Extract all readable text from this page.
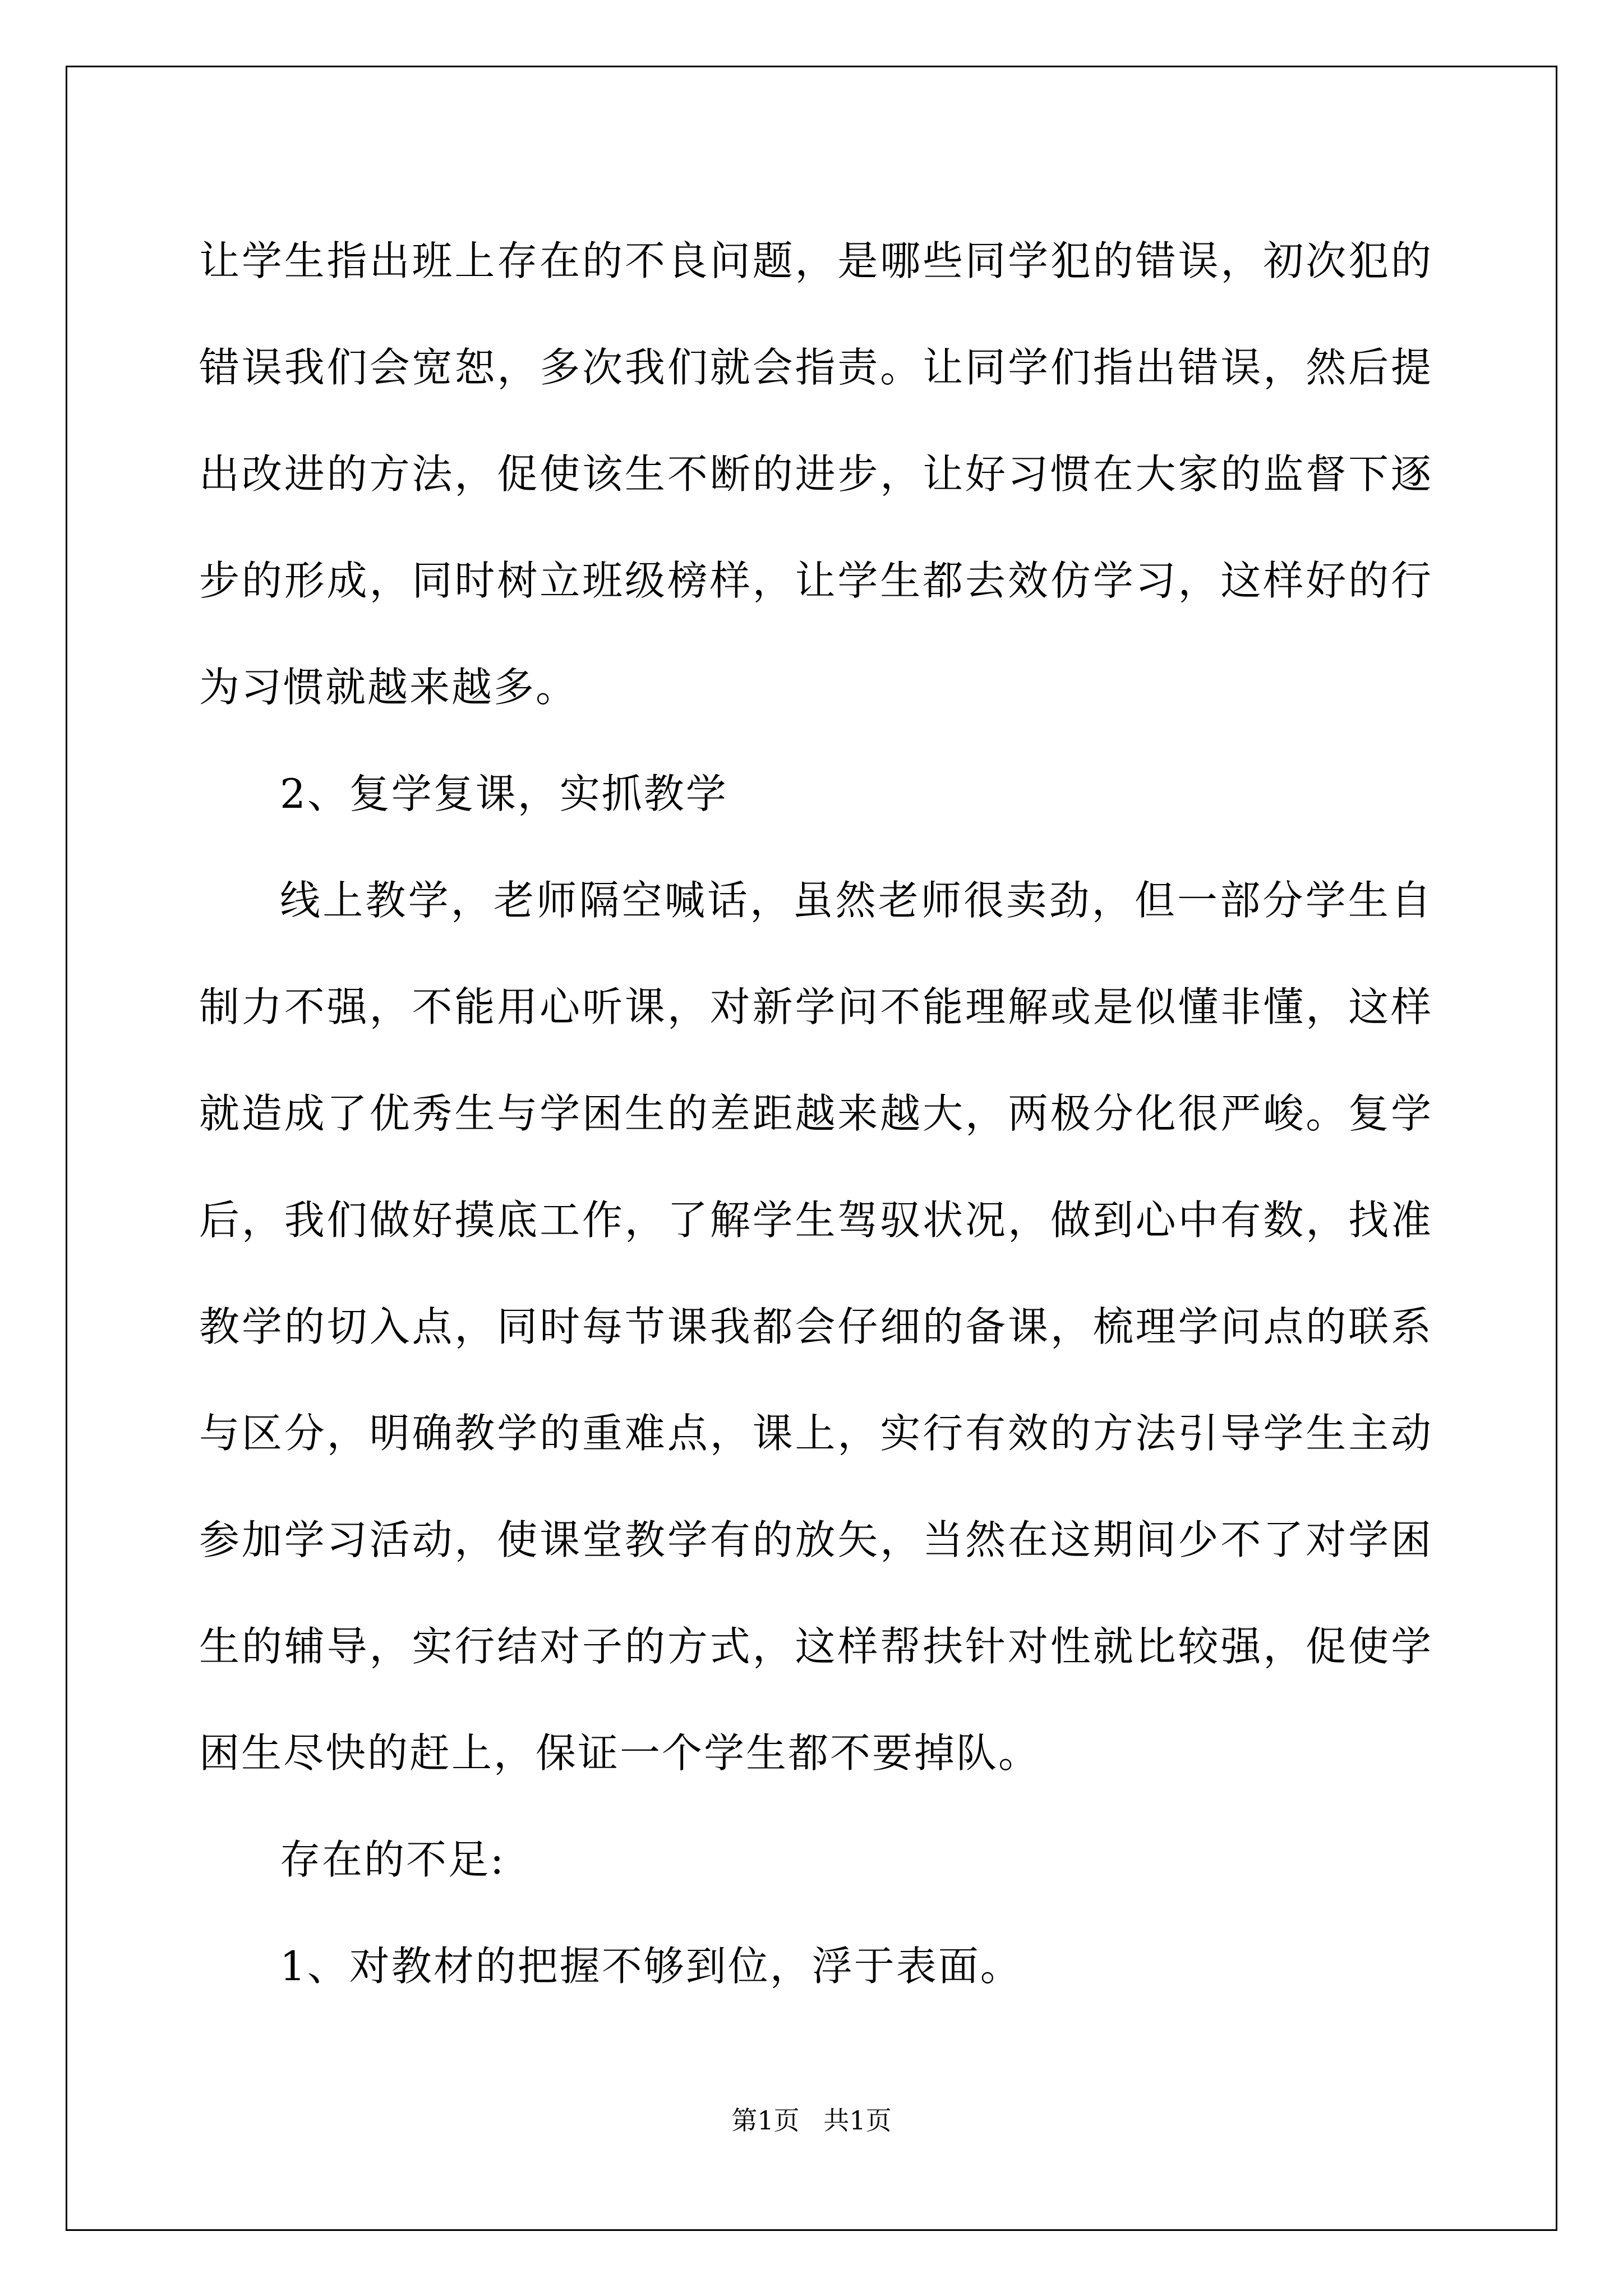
让学生指出班上存在的不良问题，是哪些同学犯的错误，初次犯的错误我们会宽恕，多次我们就会指责。让同学们指出错误，然后提出改进的方法，促使该生不断的进步，让好习惯在大家的监督下逐步的形成，同时树立班级榜样，让学生都去效仿学习，这样好的行为习惯就越来越多。

2、复学复课，实抓教学

线上教学，老师隔空喊话，虽然老师很卖劲，但一部分学生自制力不强，不能用心听课，对新学问不能理解或是似懂非懂，这样就造成了优秀生与学困生的差距越来越大，两极分化很严峻。复学后，我们做好摸底工作，了解学生驾驭状况，做到心中有数，找准教学的切入点，同时每节课我都会仔细的备课，梳理学问点的联系与区分，明确教学的重难点，课上，实行有效的方法引导学生主动参加学习活动，使课堂教学有的放矢，当然在这期间少不了对学困生的辅导，实行结对子的方式，这样帮扶针对性就比较强，促使学困生尽快的赶上，保证一个学生都不要掉队。

存在的不足:

1、对教材的把握不够到位，浮于表面。

第1页 共1页
